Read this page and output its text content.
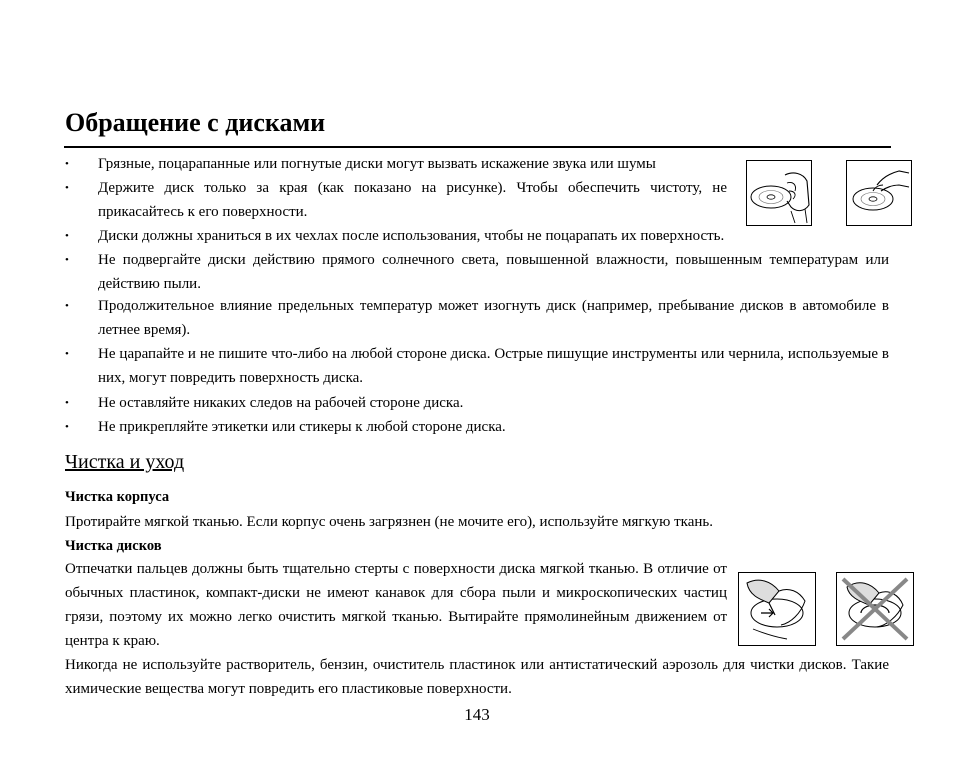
Обращение с дисками
• Грязные, поцарапанные или погнутые диски могут вызвать искажение звука или шумы
• Держите диск только за края (как показано на рисунке). Чтобы обеспечить чистоту, не прикасайтесь к его поверхности.
• Диски должны храниться в их чехлах после использования, чтобы не поцарапать их поверхность.
• Не подвергайте диски действию прямого солнечного света, повышенной влажности, повышенным температурам или действию пыли.
• Продолжительное влияние предельных температур может изогнуть диск (например, пребывание дисков в автомобиле в летнее время).
• Не царапайте и не пишите что-либо на любой стороне диска. Острые пишущие инструменты или чернила, используемые в них, могут повредить поверхность диска.
• Не оставляйте никаких следов на рабочей стороне диска.
• Не прикрепляйте этикетки или стикеры к любой стороне диска.

Чистка и уход

Чистка корпуса

Протирайте мягкой тканью. Если корпус очень загрязнен (не мочите его), используйте мягкую ткань.

Чистка дисков

Отпечатки пальцев должны быть тщательно стерты с поверхности диска мягкой тканью. В отличие от обычных пластинок, компакт-диски не имеют канавок для сбора пыли и микроскопических частиц грязи, поэтому их можно легко очистить мягкой тканью. Вытирайте прямолинейным движением от центра к краю.

Никогда не используйте растворитель, бензин, очиститель пластинок или антистатический аэрозоль для чистки дисков. Такие химические вещества могут повредить его пластиковые поверхности.

143
